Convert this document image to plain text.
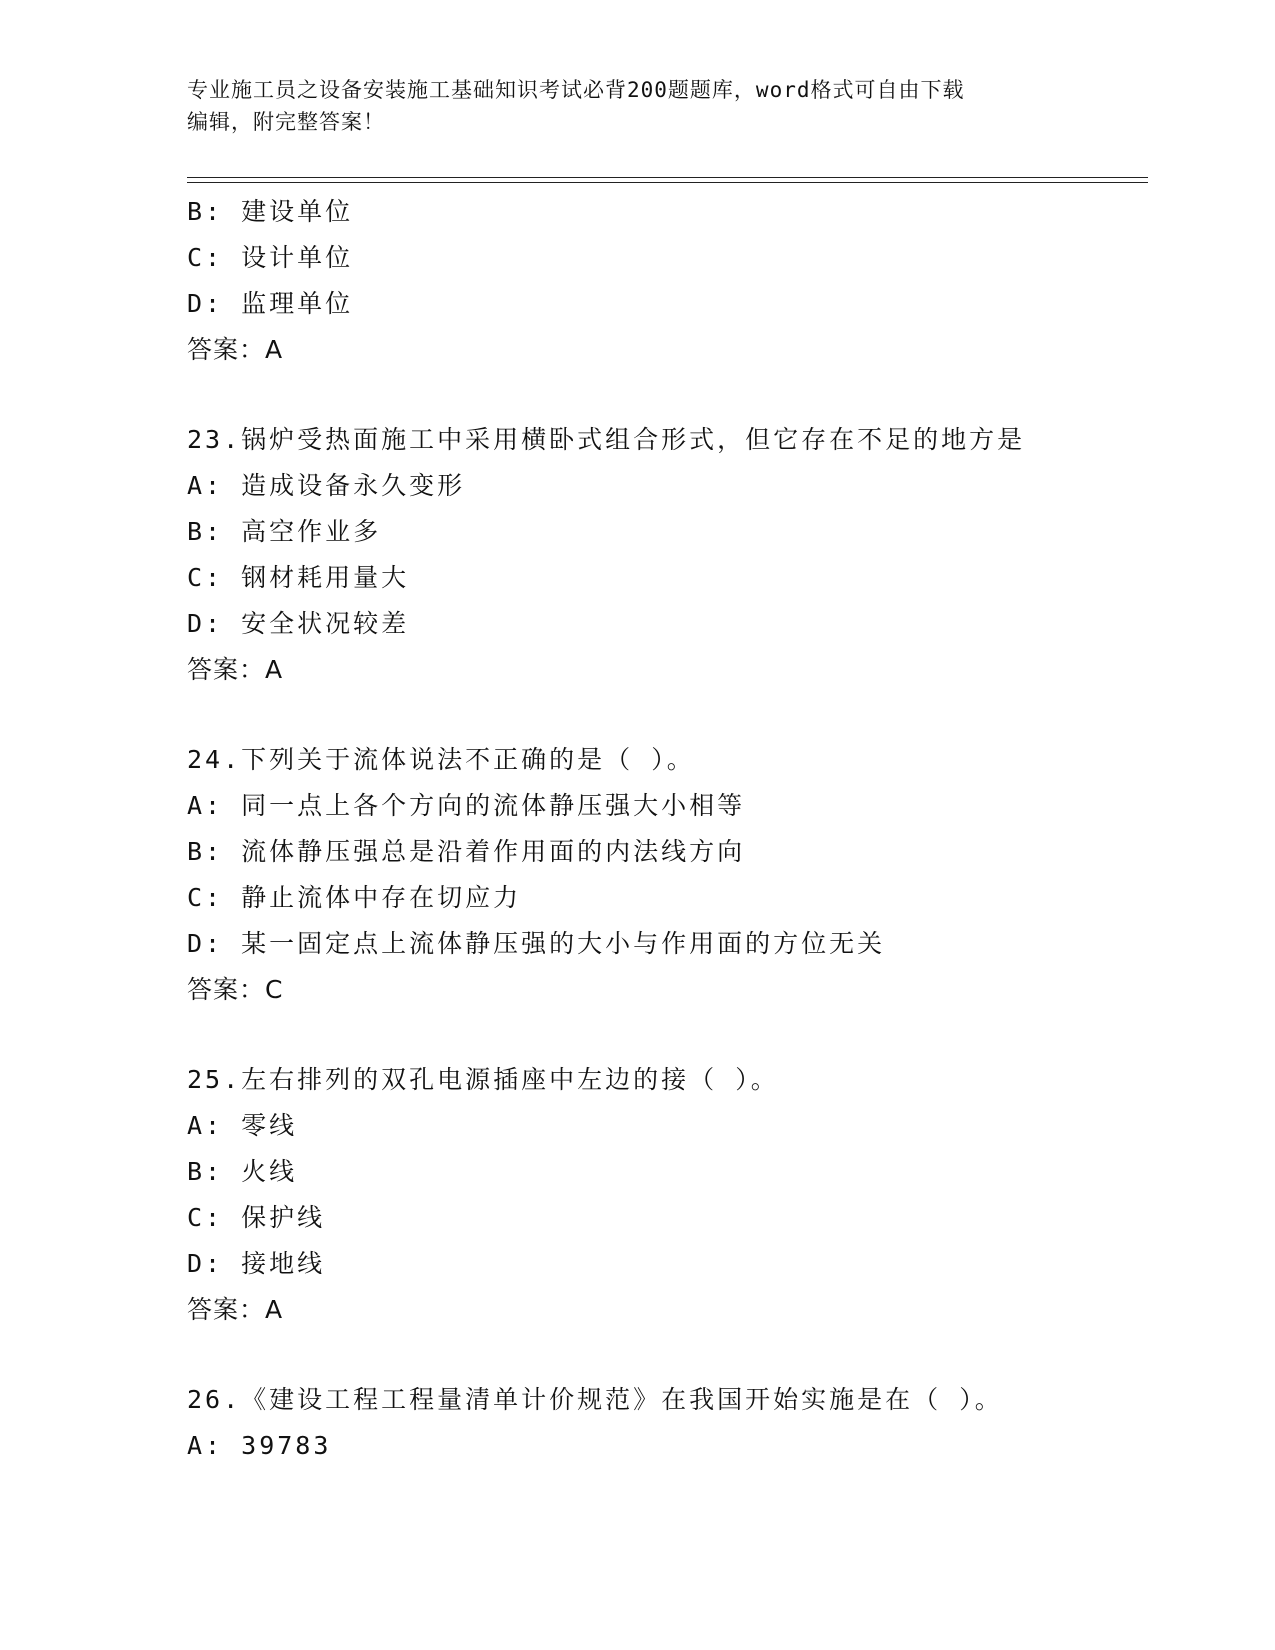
专业施工员之设备安装施工基础知识考试必背200题题库，word格式可自由下载
编辑，附完整答案！
B: 建设单位
C: 设计单位
D: 监理单位
答案：A
23.锅炉受热面施工中采用横卧式组合形式，但它存在不足的地方是
A: 造成设备永久变形
B: 高空作业多
C: 钢材耗用量大
D: 安全状况较差
答案：A
24.下列关于流体说法不正确的是（ ）。
A: 同一点上各个方向的流体静压强大小相等
B: 流体静压强总是沿着作用面的内法线方向
C: 静止流体中存在切应力
D: 某一固定点上流体静压强的大小与作用面的方位无关
答案：C
25.左右排列的双孔电源插座中左边的接（ ）。
A: 零线
B: 火线
C: 保护线
D: 接地线
答案：A
26.《建设工程工程量清单计价规范》在我国开始实施是在（ ）。
A: 39783
